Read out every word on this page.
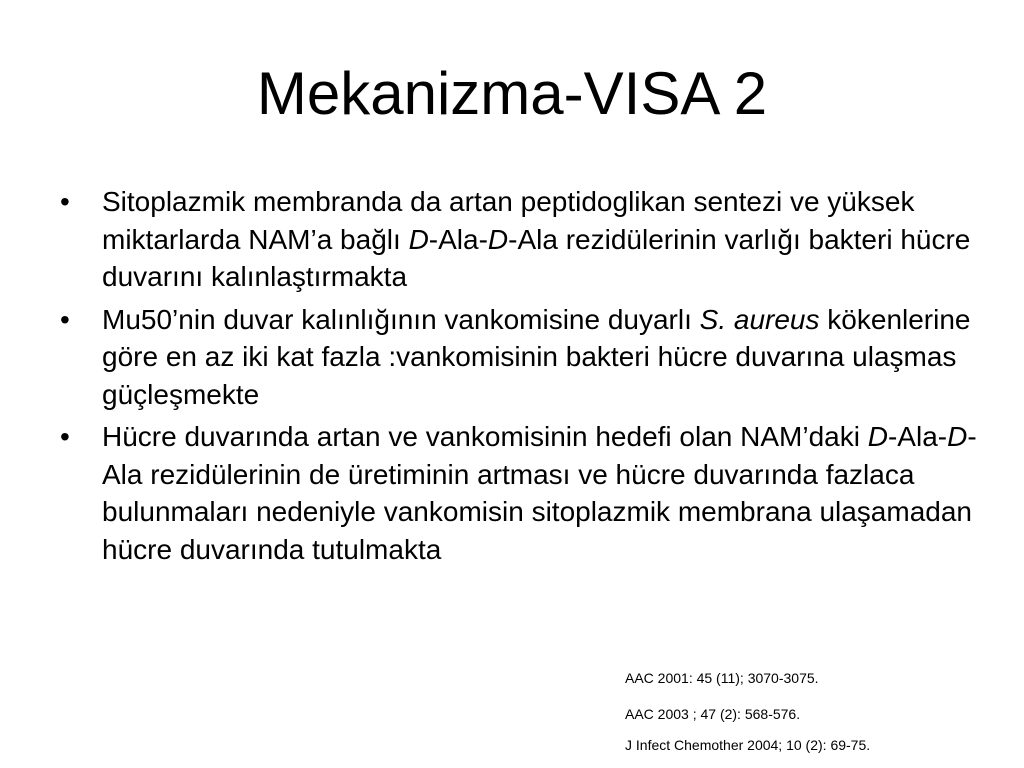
Mekanizma-VISA 2
•	Sitoplazmik membranda da artan peptidoglikan sentezi ve yüksek miktarlarda NAM’a bağlı D-Ala-D-Ala rezidülerinin varlığı bakteri hücre duvarını kalınlaştırmakta
•	Mu50’nin duvar kalınlığının vankomisine duyarlı S. aureus kökenlerine göre en az iki kat fazla :vankomisinin bakteri hücre duvarına ulaşmas güçleşmekte
•	Hücre duvarında artan ve vankomisinin hedefi olan NAM’daki D-Ala-D-Ala rezidülerinin de üretiminin artması ve hücre duvarında fazlaca bulunmaları nedeniyle vankomisin sitoplazmik membrana ulaşamadan hücre duvarında tutulmakta
AAC 2001: 45 (11); 3070-3075.
AAC 2003 ; 47 (2): 568-576.
J Infect Chemother 2004; 10 (2): 69-75.
